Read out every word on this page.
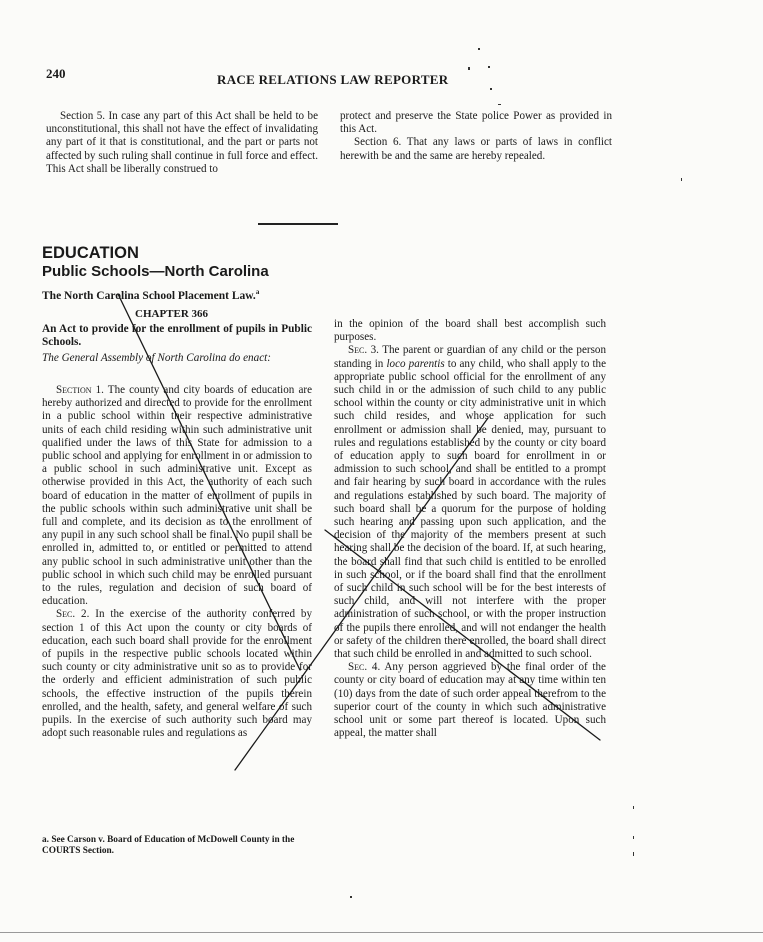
240	RACE RELATIONS LAW REPORTER

Section 5. In case any part of this Act shall be held to be unconstitutional, this shall not have the effect of invalidating any part of it that is constitutional, and the part or parts not affected by such ruling shall continue in full force and effect. This Act shall be liberally construed to

protect and preserve the State police Power as provided in this Act.

Section 6. That any laws or parts of laws in conflict herewith be and the same are hereby repealed.

EDUCATION
Public Schools—North Carolina
The North Carolina School Placement Law.$^a$
CHAPTER 366
An Act to provide for the enrollment of pupils in Public Schools.
The General Assembly of North Carolina do enact:

Section 1. The county and city boards of education are hereby authorized and directed to provide for the enrollment in a public school within their respective administrative units of each child residing within such administrative unit qualified under the laws of this State for admission to a public school and applying for enrollment in or admission to a public school in such administrative unit. Except as otherwise provided in this Act, the authority of each such board of education in the matter of enrollment of pupils in the public schools within such administrative unit shall be full and complete, and its decision as to the enrollment of any pupil in any such school shall be final. No pupil shall be enrolled in, admitted to, or entitled or permitted to attend any public school in such administrative unit other than the public school in which such child may be enrolled pursuant to the rules, regulation and decision of such board of education.

Sec. 2. In the exercise of the authority conferred by section 1 of this Act upon the county or city boards of education, each such board shall provide for the enrollment of pupils in the respective public schools located within such county or city administrative unit so as to provide for the orderly and efficient administration of such public schools, the effective instruction of the pupils therein enrolled, and the health, safety, and general welfare of such pupils. In the exercise of such authority such board may adopt such reasonable rules and regulations as

in the opinion of the board shall best accomplish such purposes.

Sec. 3. The parent or guardian of any child or the person standing in loco parentis to any child, who shall apply to the appropriate public school official for the enrollment of any such child in or the admission of such child to any public school within the county or city administrative unit in which such child resides, and whose application for such enrollment or admission shall be denied, may, pursuant to rules and regulations established by the county or city board of education apply to such board for enrollment in or admission to such school, and shall be entitled to a prompt and fair hearing by such board in accordance with the rules and regulations established by such board. The majority of such board shall be a quorum for the purpose of holding such hearing and passing upon such application, and the decision of the majority of the members present at such hearing shall be the decision of the board. If, at such hearing, the board shall find that such child is entitled to be enrolled in such school, or if the board shall find that the enrollment of such child in such school will be for the best interests of such child, and will not interfere with the proper administration of such school, or with the proper instruction of the pupils there enrolled, and will not endanger the health or safety of the children there enrolled, the board shall direct that such child be enrolled in and admitted to such school.

Sec. 4. Any person aggrieved by the final order of the county or city board of education may at any time within ten (10) days from the date of such order appeal therefrom to the superior court of the county in which such administrative school unit or some part thereof is located. Upon such appeal, the matter shall

a. See Carson v. Board of Education of McDowell County in the COURTS Section.
